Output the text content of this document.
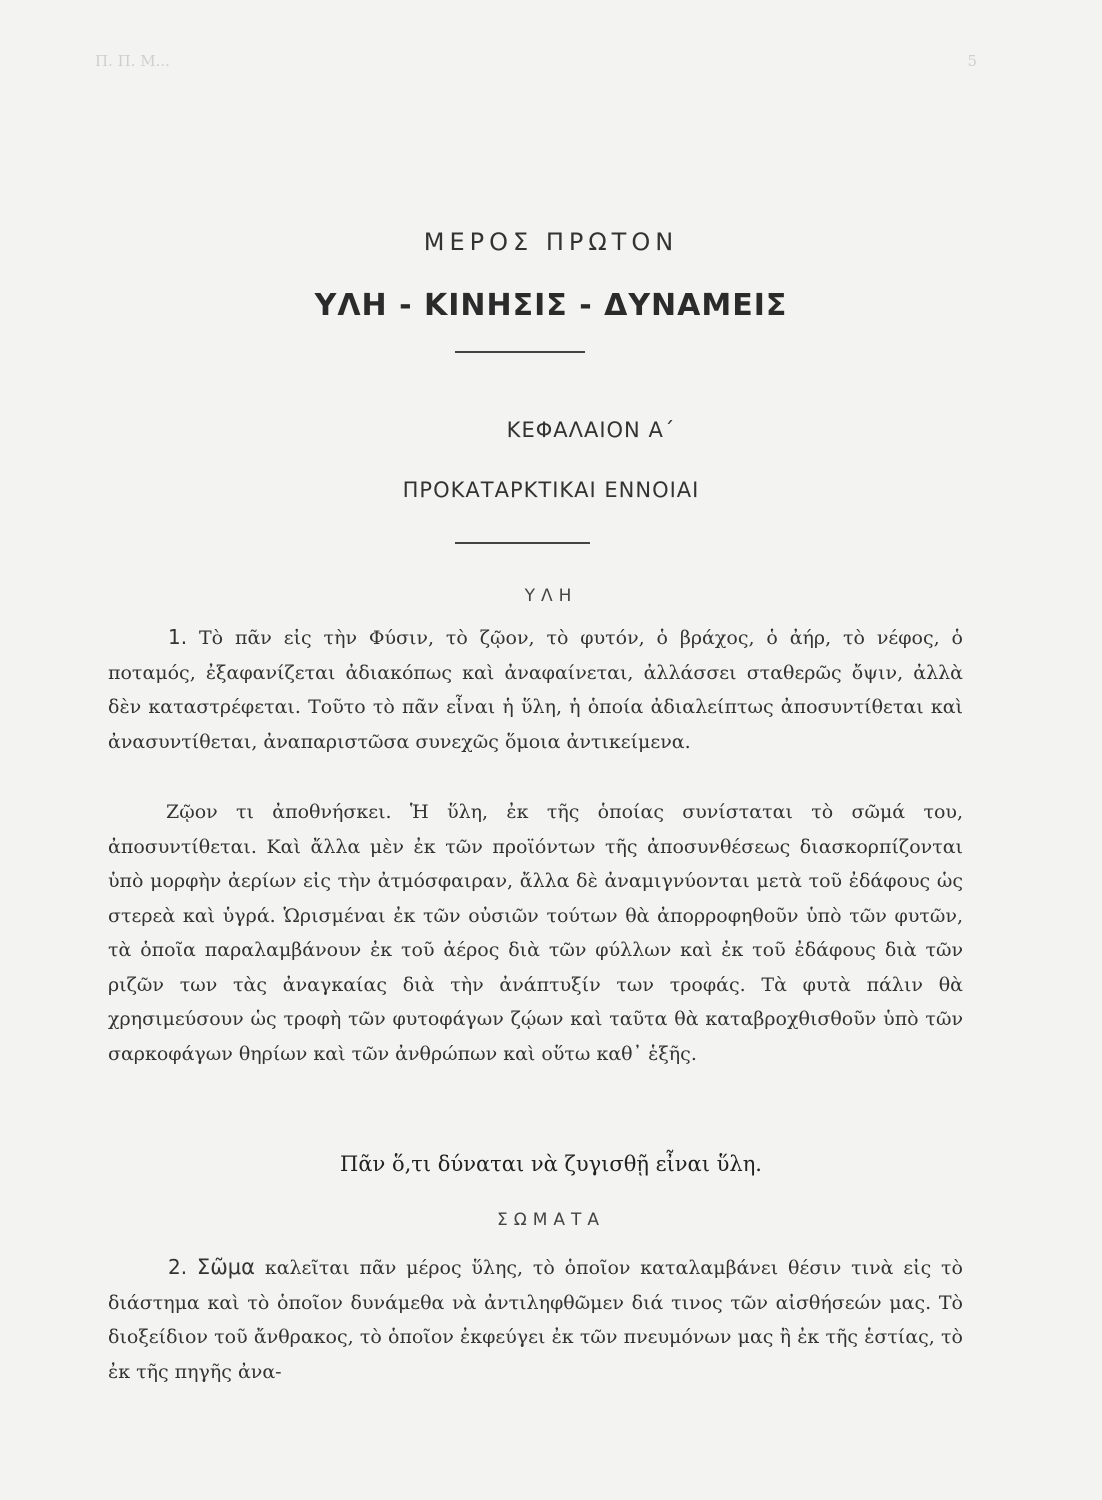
Π. Π. Μ...	5
ΜΕΡΟΣ ΠΡΩΤΟΝ
ΥΛΗ - ΚΙΝΗΣΙΣ - ΔΥΝΑΜΕΙΣ
ΚΕΦΑΛΑΙΟΝ Α΄
ΠΡΟΚΑΤΑΡΚΤΙΚΑΙ ΕΝΝΟΙΑΙ
ΥΛΗ
1. Τὸ πᾶν εἰς τὴν Φύσιν, τὸ ζῷον, τὸ φυτόν, ὁ βράχος, ὁ ἀήρ, τὸ νέφος, ὁ ποταμός, ἐξαφανίζεται ἀδιακόπως καὶ ἀναφαίνεται, ἀλλάσσει σταθερῶς ὄψιν, ἀλλὰ δὲν καταστρέφεται. Τοῦτο τὸ πᾶν εἶναι ἡ ὕλη, ἡ ὁποία ἀδιαλείπτως ἀποσυντίθεται καὶ ἀνασυντίθεται, ἀναπαριστῶσα συνεχῶς ὅμοια ἀντικείμενα.
Ζῷον τι ἀποθνήσκει. Ἡ ὕλη, ἐκ τῆς ὁποίας συνίσταται τὸ σῶμά του, ἀποσυντίθεται. Καὶ ἄλλα μὲν ἐκ τῶν προϊόντων τῆς ἀποσυνθέσεως διασκορπίζονται ὑπὸ μορφὴν ἀερίων εἰς τὴν ἀτμόσφαιραν, ἄλλα δὲ ἀναμιγνύονται μετὰ τοῦ ἐδάφους ὡς στερεὰ καὶ ὑγρά. Ὡρισμέναι ἐκ τῶν οὐσιῶν τούτων θὰ ἀπορροφηθοῦν ὑπὸ τῶν φυτῶν, τὰ ὁποῖα παραλαμβάνουν ἐκ τοῦ ἀέρος διὰ τῶν φύλλων καὶ ἐκ τοῦ ἐδάφους διὰ τῶν ριζῶν των τὰς ἀναγκαίας διὰ τὴν ἀνάπτυξίν των τροφάς. Τὰ φυτὰ πάλιν θὰ χρησιμεύσουν ὡς τροφὴ τῶν φυτοφάγων ζῴων καὶ ταῦτα θὰ καταβροχθισθοῦν ὑπὸ τῶν σαρκοφάγων θηρίων καὶ τῶν ἀνθρώπων καὶ οὕτω καθ᾽ ἑξῆς.
Πᾶν ὅ,τι δύναται νὰ ζυγισθῇ εἶναι ὕλη.
ΣΩΜΑΤΑ
2. Σῶμα καλεῖται πᾶν μέρος ὕλης, τὸ ὁποῖον καταλαμβάνει θέσιν τινὰ εἰς τὸ διάστημα καὶ τὸ ὁποῖον δυνάμεθα νὰ ἀντιληφθῶμεν διά τινος τῶν αἰσθήσεών μας. Τὸ διοξείδιον τοῦ ἄνθρακος, τὸ ὁποῖον ἐκφεύγει ἐκ τῶν πνευμόνων μας ἢ ἐκ τῆς ἑστίας, τὸ ἐκ τῆς πηγῆς ἀνα-
